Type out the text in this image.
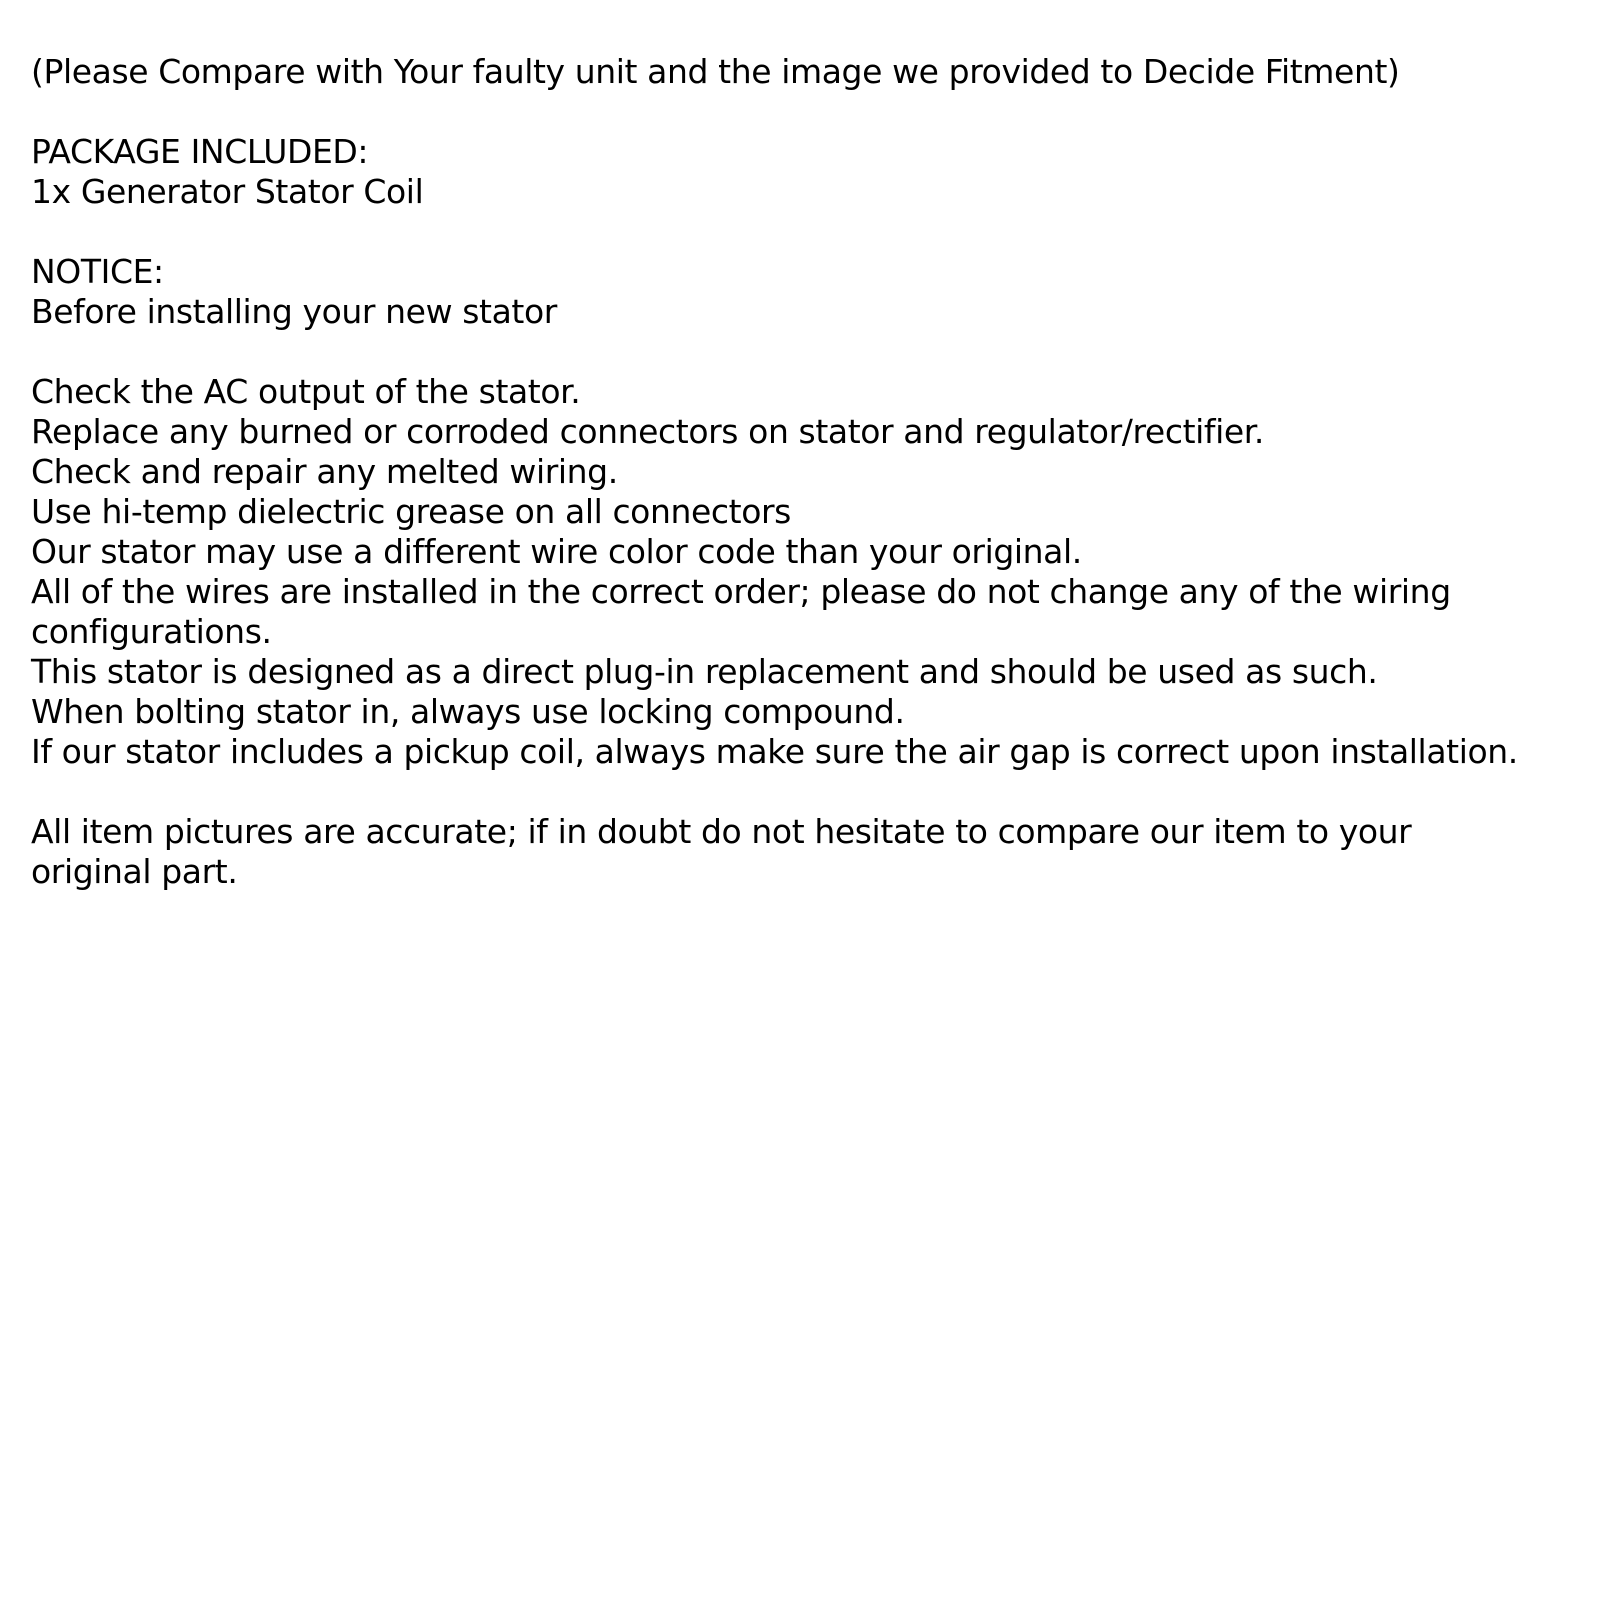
(Please Compare with Your faulty unit and the image we provided to Decide Fitment)
PACKAGE INCLUDED:
1x Generator Stator Coil
NOTICE:
Before installing your new stator
Check the AC output of the stator.
Replace any burned or corroded connectors on stator and regulator/rectifier.
Check and repair any melted wiring.
Use hi-temp dielectric grease on all connectors
Our stator may use a different wire color code than your original.
All of the wires are installed in the correct order; please do not change any of the wiring configurations.
This stator is designed as a direct plug-in replacement and should be used as such.
When bolting stator in, always use locking compound.
If our stator includes a pickup coil, always make sure the air gap is correct upon installation.
All item pictures are accurate; if in doubt do not hesitate to compare our item to your original part.
